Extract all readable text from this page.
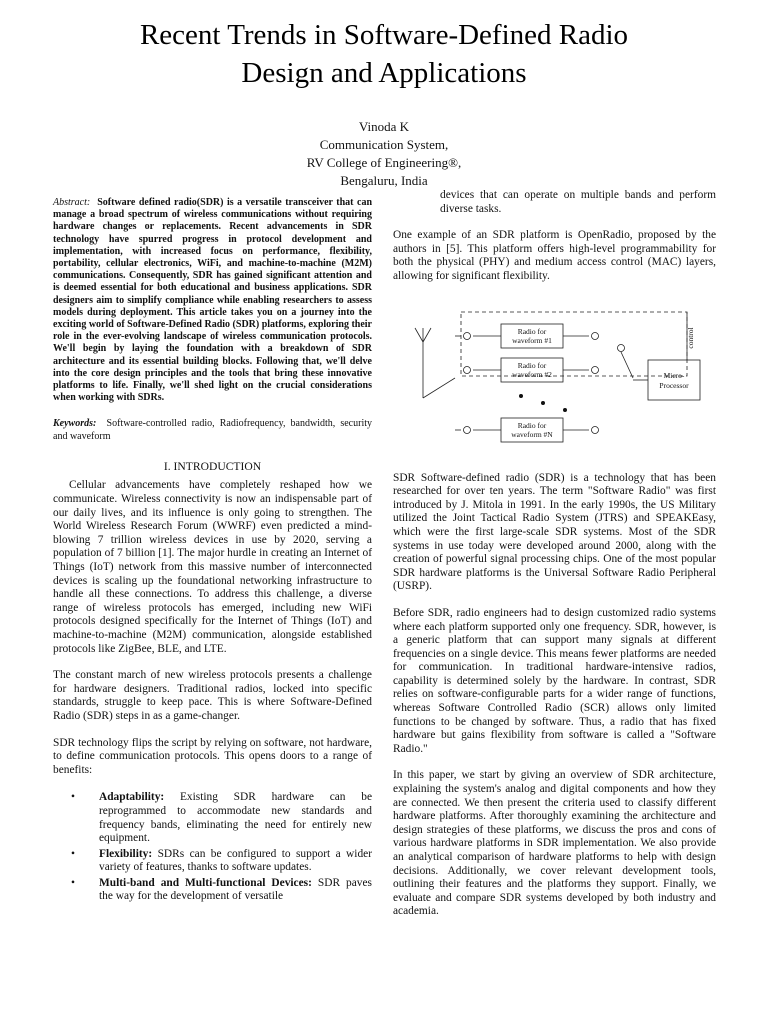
Recent Trends in Software-Defined Radio
Design and Applications
Vinoda K
Communication System,
RV College of Engineering®,
Bengaluru, India
Abstract: Software defined radio(SDR) is a versatile transceiver that can manage a broad spectrum of wireless communications without requiring hardware changes or replacements. Recent advancements in SDR technology have spurred progress in protocol development and implementation, with increased focus on performance, flexibility, portability, cellular electronics, WiFi, and machine-to-machine (M2M) communications. Consequently, SDR has gained significant attention and is deemed essential for both educational and business applications. SDR designers aim to simplify compliance while enabling researchers to assess models during deployment. This article takes you on a journey into the exciting world of Software-Defined Radio (SDR) platforms, exploring their role in the ever-evolving landscape of wireless communication protocols. We'll begin by laying the foundation with a breakdown of SDR architecture and its essential building blocks. Following that, we'll delve into the core design principles and the tools that bring these innovative platforms to life. Finally, we'll shed light on the crucial considerations when working with SDRs.
Keywords: Software-controlled radio, Radiofrequency, bandwidth, security and waveform
I. INTRODUCTION

Cellular advancements have completely reshaped how we communicate. Wireless connectivity is now an indispensable part of our daily lives, and its influence is only going to strengthen. The World Wireless Research Forum (WWRF) even predicted a mind-blowing 7 trillion wireless devices in use by 2020, serving a population of 7 billion [1]. The major hurdle in creating an Internet of Things (IoT) network from this massive number of interconnected devices is scaling up the foundational networking infrastructure to handle all these connections. To address this challenge, a diverse range of wireless protocols has emerged, including new WiFi protocols designed specifically for the Internet of Things (IoT) and machine-to-machine (M2M) communication, alongside established protocols like ZigBee, BLE, and LTE.

The constant march of new wireless protocols presents a challenge for hardware designers. Traditional radios, locked into specific standards, struggle to keep pace. This is where Software-Defined Radio (SDR) steps in as a game-changer.

SDR technology flips the script by relying on software, not hardware, to define communication protocols. This opens doors to a range of benefits:

• Adaptability: Existing SDR hardware can be reprogrammed to accommodate new standards and frequency bands, eliminating the need for entirely new equipment.
• Flexibility: SDRs can be configured to support a wider variety of features, thanks to software updates.
• Multi-band and Multi-functional Devices: SDR paves the way for the development of versatile

devices that can operate on multiple bands and perform diverse tasks.

One example of an SDR platform is OpenRadio, proposed by the authors in [5]. This platform offers high-level programmability for both the physical (PHY) and medium access control (MAC) layers, allowing for significant flexibility.

Radio for
waveform #1
Radio for
waveform #2
Radio for
waveform #N
Micro-
Processor
control

SDR Software-defined radio (SDR) is a technology that has been researched for over ten years. The term "Software Radio" was first introduced by J. Mitola in 1991. In the early 1990s, the US Military utilized the Joint Tactical Radio System (JTRS) and SPEAKEasy, which were the first large-scale SDR systems. Most of the SDR systems in use today were developed around 2000, along with the creation of powerful signal processing chips. One of the most popular SDR hardware platforms is the Universal Software Radio Peripheral (USRP).

Before SDR, radio engineers had to design customized radio systems where each platform supported only one frequency. SDR, however, is a generic platform that can support many signals at different frequencies on a single device. This means fewer platforms are needed for communication. In traditional hardware-intensive radios, capability is determined solely by the hardware. In contrast, SDR relies on software-configurable parts for a wider range of functions, whereas Software Controlled Radio (SCR) allows only limited functions to be changed by software. Thus, a radio that has fixed hardware but gains flexibility from software is called a "Software Radio."

In this paper, we start by giving an overview of SDR architecture, explaining the system's analog and digital components and how they are connected. We then present the criteria used to classify different hardware platforms. After thoroughly examining the architecture and design strategies of these platforms, we discuss the pros and cons of various hardware platforms in SDR implementation. We also provide an analytical comparison of hardware platforms to help with design decisions. Additionally, we cover relevant development tools, outlining their features and the platforms they support. Finally, we evaluate and compare SDR systems developed by both industry and academia.
